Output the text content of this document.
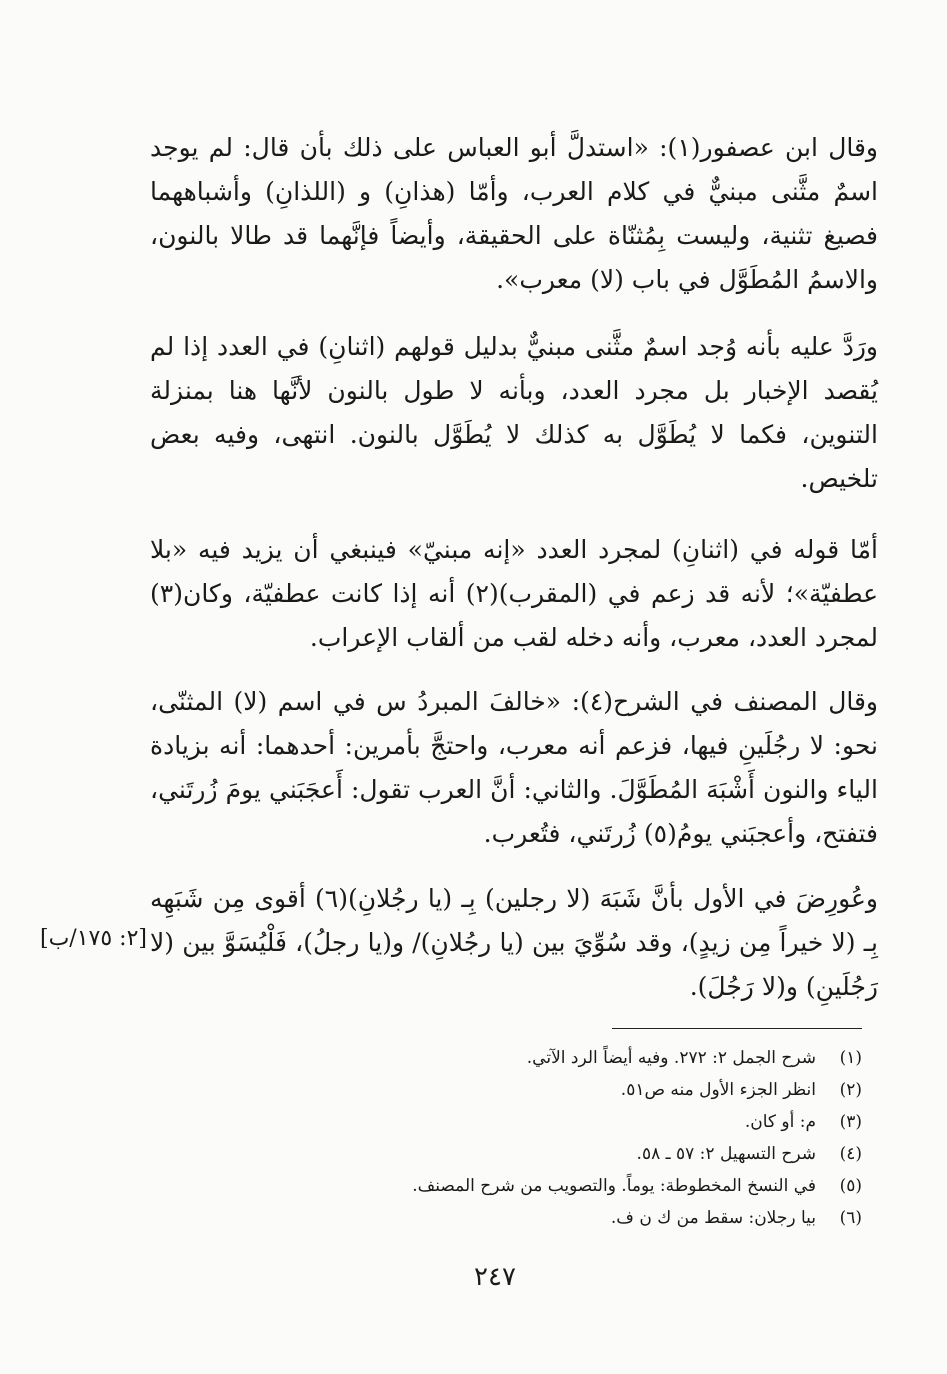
وقال ابن عصفور(١): «استدلَّ أبو العباس على ذلك بأن قال: لم يوجد اسمٌ مثَّنى مبنيٌّ في كلام العرب، وأمّا (هذانِ) و (اللذانِ) وأشباههما فصيغ تثنية، وليست بِمُثنّاة على الحقيقة، وأيضاً فإنَّهما قد طالا بالنون، والاسمُ المُطَوَّل في باب (لا) معرب».

ورَدَّ عليه بأنه وُجد اسمٌ مثَّنى مبنيٌّ بدليل قولهم (اثنانِ) في العدد إذا لم يُقصد الإخبار بل مجرد العدد، وبأنه لا طول بالنون لأنَّها هنا بمنزلة التنوين، فكما لا يُطَوَّل به كذلك لا يُطَوَّل بالنون. انتهى، وفيه بعض تلخيص.

أمّا قوله في (اثنانِ) لمجرد العدد «إنه مبنيّ» فينبغي أن يزيد فيه «بلا عطفيّة»؛ لأنه قد زعم في (المقرب)(٢) أنه إذا كانت عطفيّة، وكان(٣) لمجرد العدد، معرب، وأنه دخله لقب من ألقاب الإعراب.

وقال المصنف في الشرح(٤): «خالفَ المبردُ س في اسم (لا) المثنّى، نحو: لا رجُلَينِ فيها، فزعم أنه معرب، واحتجَّ بأمرين: أحدهما: أنه بزيادة الياء والنون أَشْبَهَ المُطَوَّلَ. والثاني: أنَّ العرب تقول: أَعجَبَني يومَ زُرتَني، فتفتح، وأعجبَني يومُ(٥) زُرتَني، فتُعرب.

وعُورِضَ في الأول بأنَّ شَبَهَ (لا رجلين) بِـ (يا رجُلانِ)(٦) أقوى مِن شَبَهِه بِـ (لا خيراً مِن زيدٍ)، وقد سُوِّيَ بين (يا رجُلانِ)/ و(يا رجلُ)، فَلْيُسَوَّ بين (لا رَجُلَينِ) و(لا رَجُلَ).

[٢: ١٧٥/ب]
(١)
شرح الجمل ٢: ٢٧٢. وفيه أيضاً الرد الآتي.
(٢)
انظر الجزء الأول منه ص٥١.
(٣)
م: أو كان.
(٤)
شرح التسهيل ٢: ٥٧ ـ ٥٨.
(٥)
في النسخ المخطوطة: يوماً. والتصويب من شرح المصنف.
(٦)
بيا رجلان: سقط من ك ن ف.
٢٤٧
